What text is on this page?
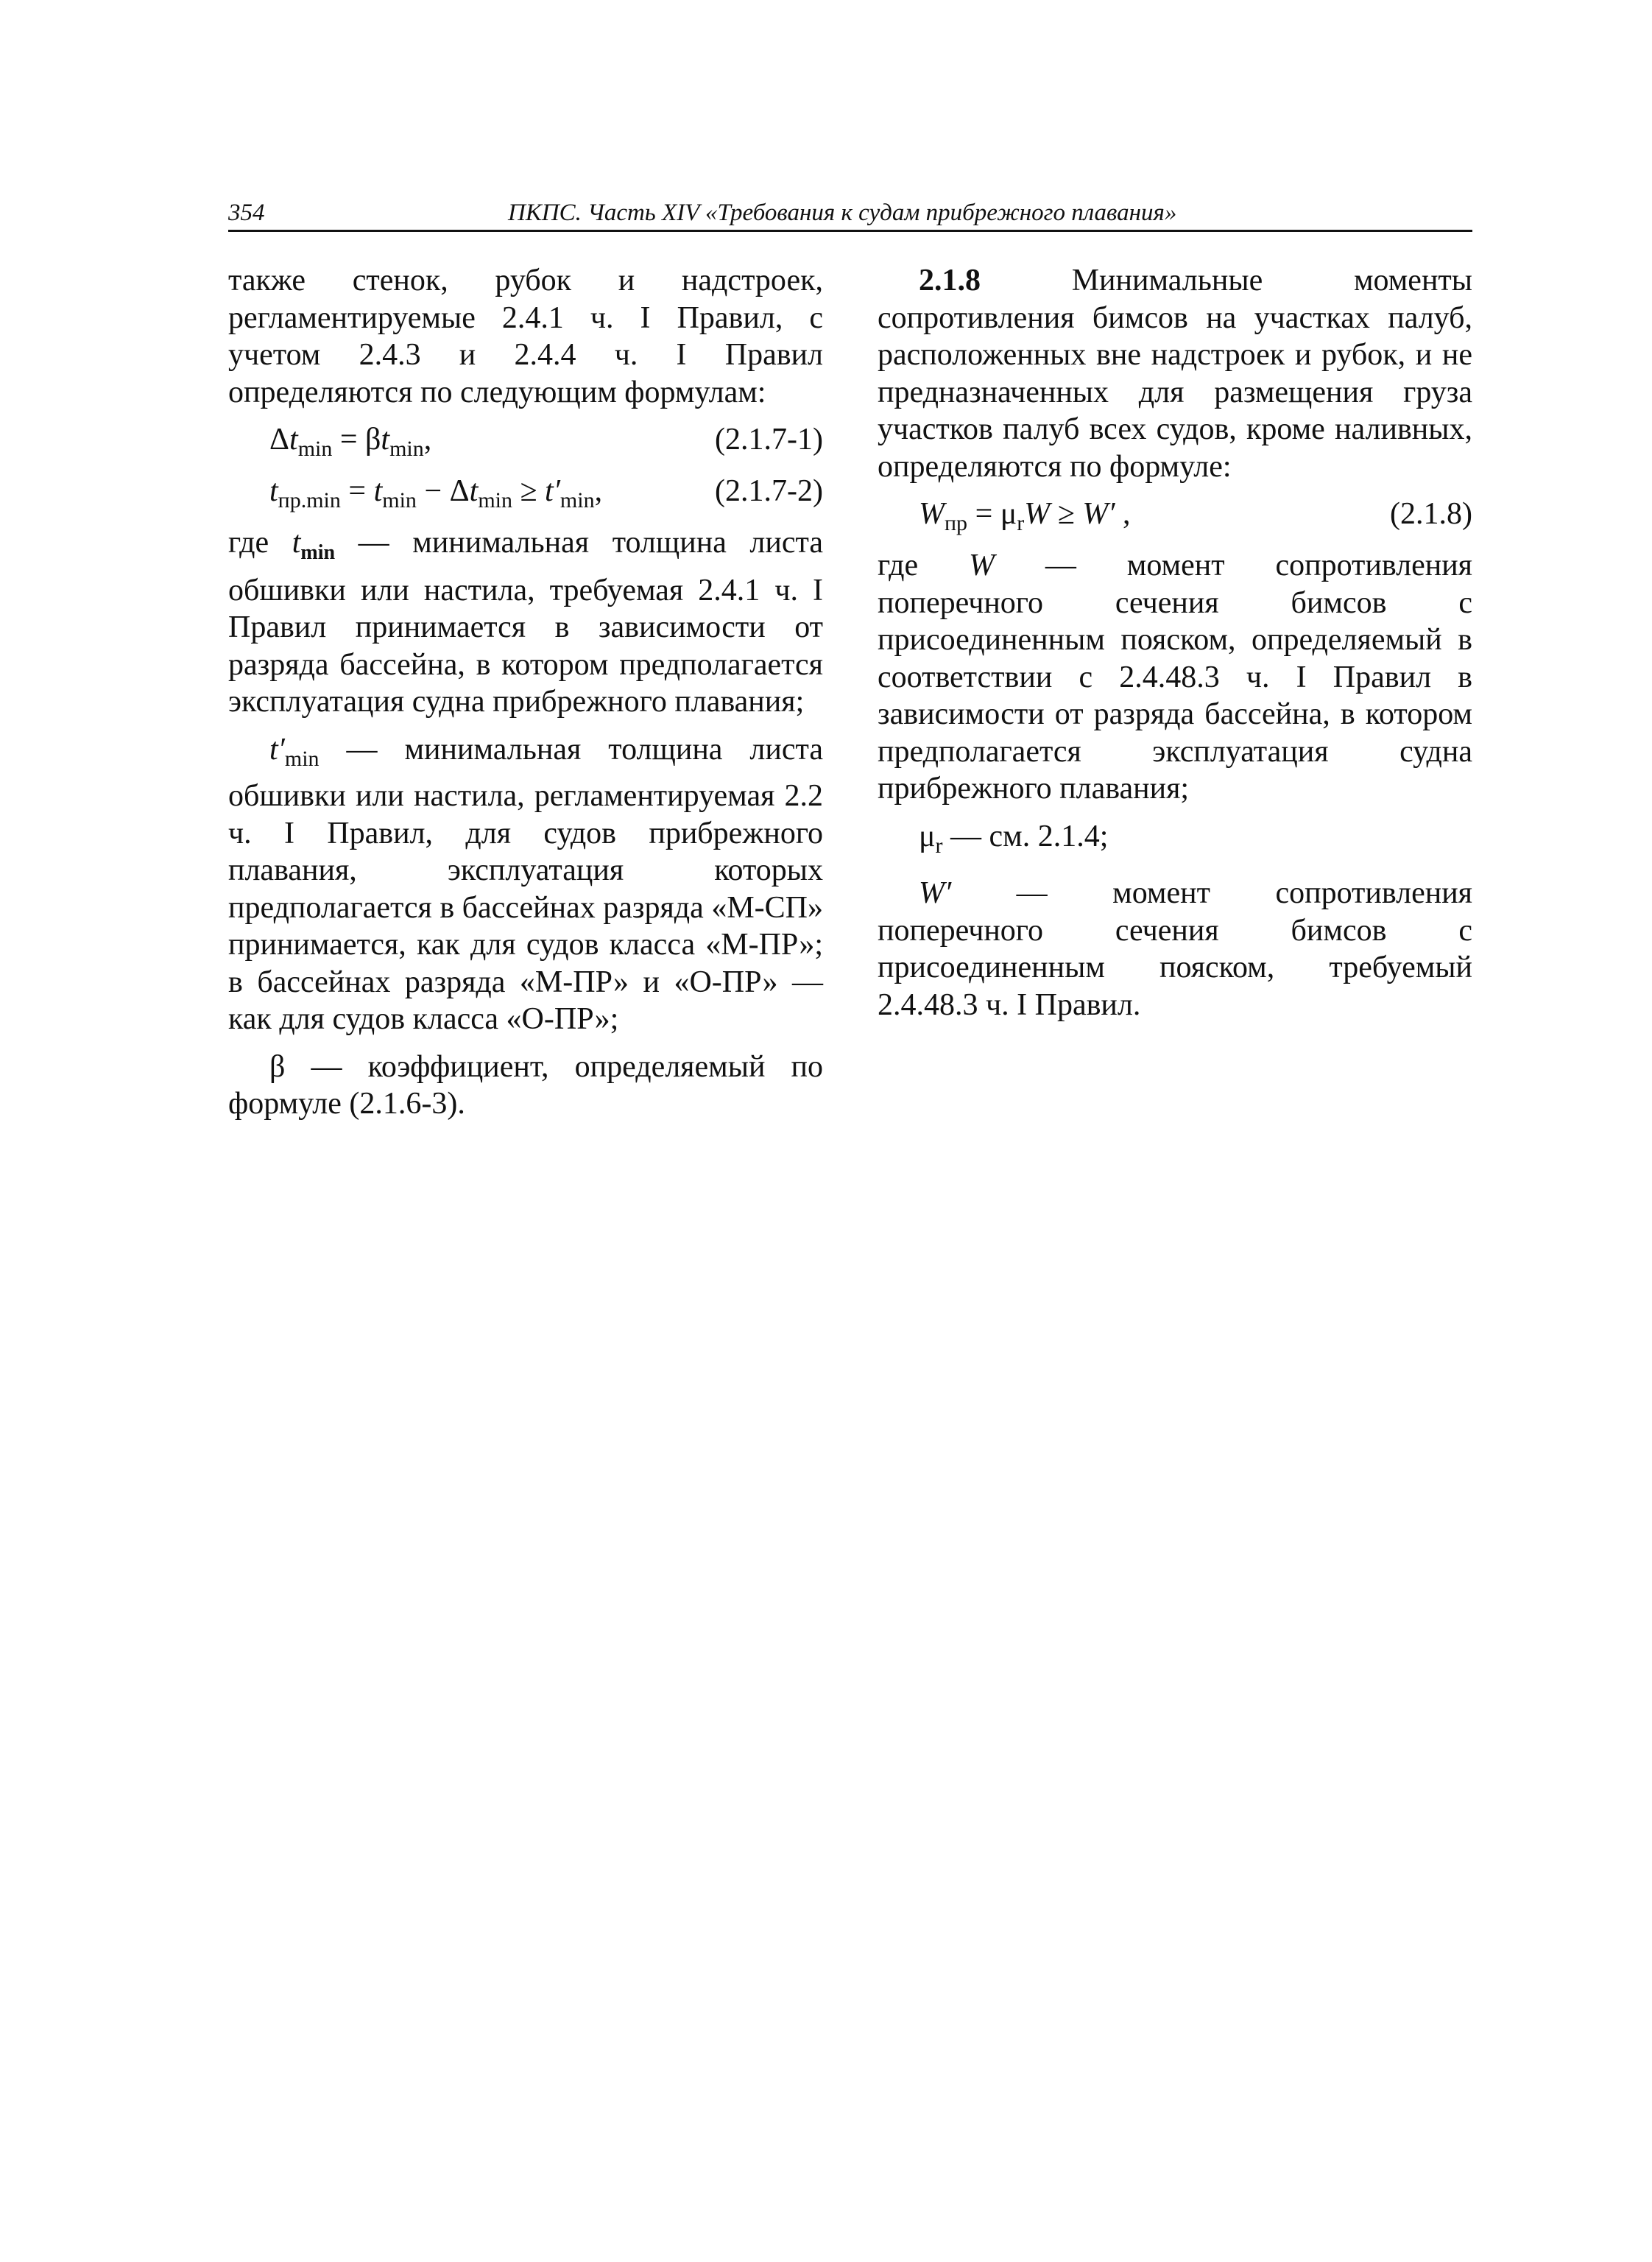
354	ПКПС. Часть XIV «Требования к судам прибрежного плавания»

также стенок, рубок и надстроек, регламентируемые 2.4.1 ч. I Правил, с учетом 2.4.3 и 2.4.4 ч. I Правил определяются по следующим формулам:

$\Delta t_{min} = \beta t_{min}$,	(2.1.7-1)
$t_{пр.min} = t_{min} - \Delta t_{min} \ge t'_{min}$,	(2.1.7-2)

где $t_{min}$ — минимальная толщина листа обшивки или настила, требуемая 2.4.1 ч. I Правил принимается в зависимости от разряда бассейна, в котором предполагается эксплуатация судна прибрежного плавания;

$t'_{min}$ — минимальная толщина листа обшивки или настила, регламентируемая 2.2 ч. I Правил, для судов прибрежного плавания, эксплуатация которых предполагается в бассейнах разряда «М-СП» принимается, как для судов класса «М-ПР»; в бассейнах разряда «М-ПР» и «О-ПР» — как для судов класса «О-ПР»;

β — коэффициент, определяемый по формуле (2.1.6-3).

2.1.8 Минимальные моменты сопротивления бимсов на участках палуб, расположенных вне надстроек и рубок, и не предназначенных для размещения груза участков палуб всех судов, кроме наливных, определяются по формуле:

$W_{пр} = \mu_rW \ge W'$ ,	(2.1.8)

где W — момент сопротивления поперечного сечения бимсов с присоединенным пояском, определяемый в соответствии с 2.4.48.3 ч. I Правил в зависимости от разряда бассейна, в котором предполагается эксплуатация судна прибрежного плавания;

$\mu_r$ — см. 2.1.4;

W′ — момент сопротивления поперечного сечения бимсов с присоединенным пояском, требуемый 2.4.48.3 ч. I Правил.
